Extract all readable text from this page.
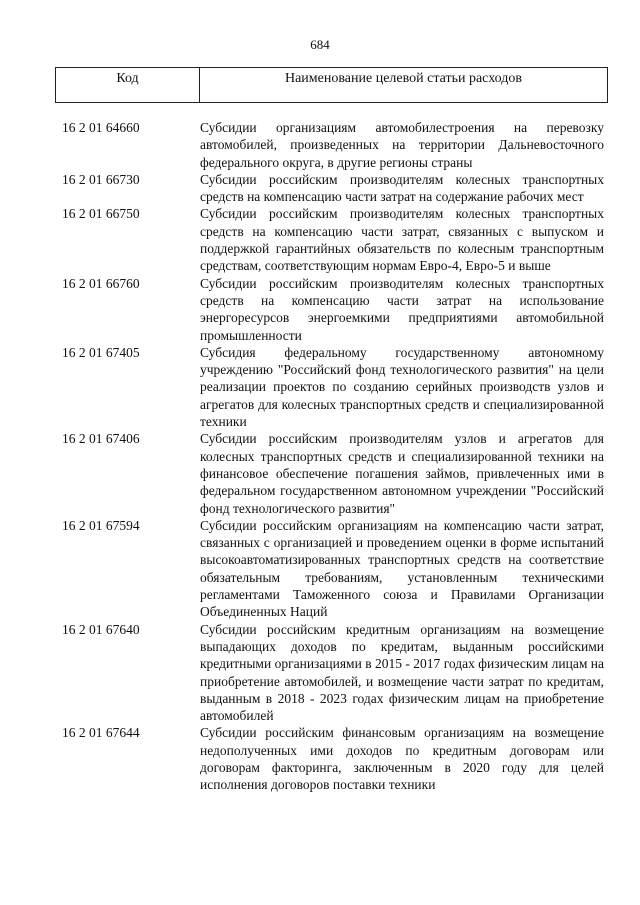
684
Код	Наименование целевой статьи расходов
16 2 01 64660	Субсидии организациям автомобилестроения на перевозку автомобилей, произведенных на территории Дальневосточного федерального округа, в другие регионы страны
16 2 01 66730	Субсидии российским производителям колесных транспортных средств на компенсацию части затрат на содержание рабочих мест
16 2 01 66750	Субсидии российским производителям колесных транспортных средств на компенсацию части затрат, связанных с выпуском и поддержкой гарантийных обязательств по колесным транспортным средствам, соответствующим нормам Евро-4, Евро-5 и выше
16 2 01 66760	Субсидии российским производителям колесных транспортных средств на компенсацию части затрат на использование энергоресурсов энергоемкими предприятиями автомобильной промышленности
16 2 01 67405	Субсидия федеральному государственному автономному учреждению "Российский фонд технологического развития" на цели реализации проектов по созданию серийных производств узлов и агрегатов для колесных транспортных средств и специализированной техники
16 2 01 67406	Субсидии российским производителям узлов и агрегатов для колесных транспортных средств и специализированной техники на финансовое обеспечение погашения займов, привлеченных ими в федеральном государственном автономном учреждении "Российский фонд технологического развития"
16 2 01 67594	Субсидии российским организациям на компенсацию части затрат, связанных с организацией и проведением оценки в форме испытаний высокоавтоматизированных транспортных средств на соответствие обязательным требованиям, установленным техническими регламентами Таможенного союза и Правилами Организации Объединенных Наций
16 2 01 67640	Субсидии российским кредитным организациям на возмещение выпадающих доходов по кредитам, выданным российскими кредитными организациями в 2015 - 2017 годах физическим лицам на приобретение автомобилей, и возмещение части затрат по кредитам, выданным в 2018 - 2023 годах физическим лицам на приобретение автомобилей
16 2 01 67644	Субсидии российским финансовым организациям на возмещение недополученных ими доходов по кредитным договорам или договорам факторинга, заключенным в 2020 году для целей исполнения договоров поставки техники
